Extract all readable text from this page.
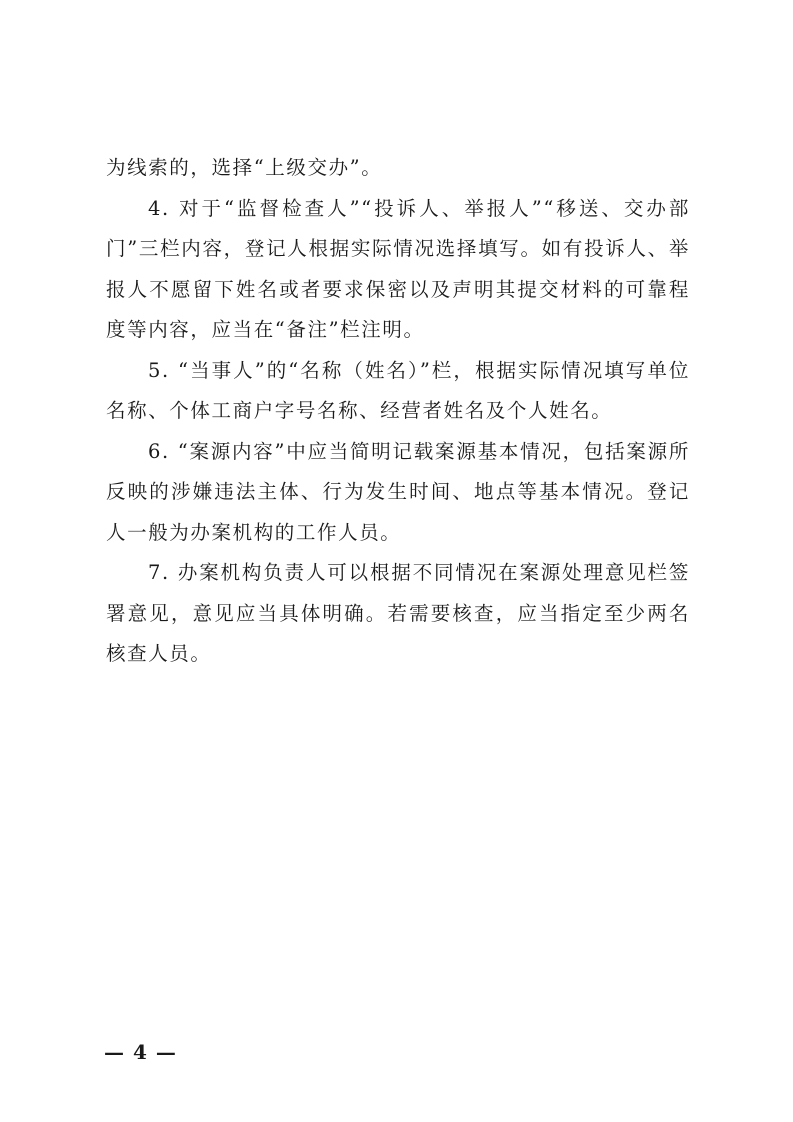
为线索的，选择“上级交办”。

4. 对于“监督检查人”“投诉人、举报人”“移送、交办部门”三栏内容，登记人根据实际情况选择填写。如有投诉人、举报人不愿留下姓名或者要求保密以及声明其提交材料的可靠程度等内容，应当在“备注”栏注明。

5. “当事人”的“名称（姓名）”栏，根据实际情况填写单位名称、个体工商户字号名称、经营者姓名及个人姓名。

6. “案源内容”中应当简明记载案源基本情况，包括案源所反映的涉嫌违法主体、行为发生时间、地点等基本情况。登记人一般为办案机构的工作人员。

7. 办案机构负责人可以根据不同情况在案源处理意见栏签署意见，意见应当具体明确。若需要核查，应当指定至少两名核查人员。

— 4 —
